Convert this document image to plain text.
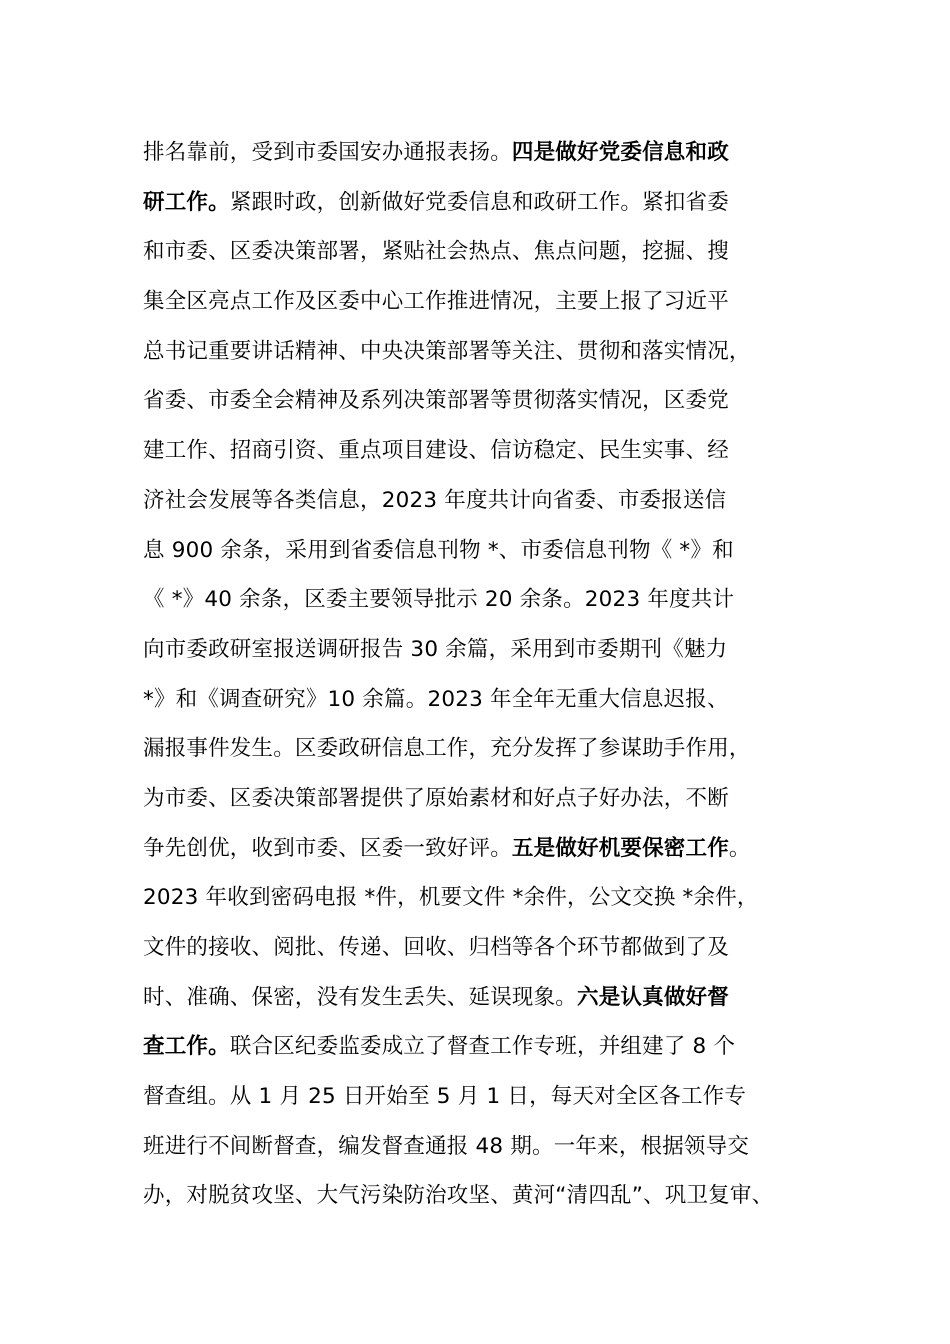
排名靠前，受到市委国安办通报表扬。四是做好党委信息和政
研工作。紧跟时政，创新做好党委信息和政研工作。紧扣省委
和市委、区委决策部署，紧贴社会热点、焦点问题，挖掘、搜
集全区亮点工作及区委中心工作推进情况，主要上报了习近平
总书记重要讲话精神、中央决策部署等关注、贯彻和落实情况，
省委、市委全会精神及系列决策部署等贯彻落实情况，区委党
建工作、招商引资、重点项目建设、信访稳定、民生实事、经
济社会发展等各类信息，2023 年度共计向省委、市委报送信
息 900 余条，采用到省委信息刊物 *、市委信息刊物《 *》和
《 *》40 余条，区委主要领导批示 20 余条。2023 年度共计
向市委政研室报送调研报告 30 余篇，采用到市委期刊《魅力
*》和《调查研究》10 余篇。2023 年全年无重大信息迟报、
漏报事件发生。区委政研信息工作，充分发挥了参谋助手作用，
为市委、区委决策部署提供了原始素材和好点子好办法，不断
争先创优，收到市委、区委一致好评。五是做好机要保密工作。
2023 年收到密码电报 *件，机要文件 *余件，公文交换 *余件，
文件的接收、阅批、传递、回收、归档等各个环节都做到了及
时、准确、保密，没有发生丢失、延误现象。六是认真做好督
查工作。联合区纪委监委成立了督查工作专班，并组建了 8 个
督查组。从 1 月 25 日开始至 5 月 1 日，每天对全区各工作专
班进行不间断督查，编发督查通报 48 期。一年来，根据领导交
办，对脱贫攻坚、大气污染防治攻坚、黄河“清四乱”、巩卫复审、
